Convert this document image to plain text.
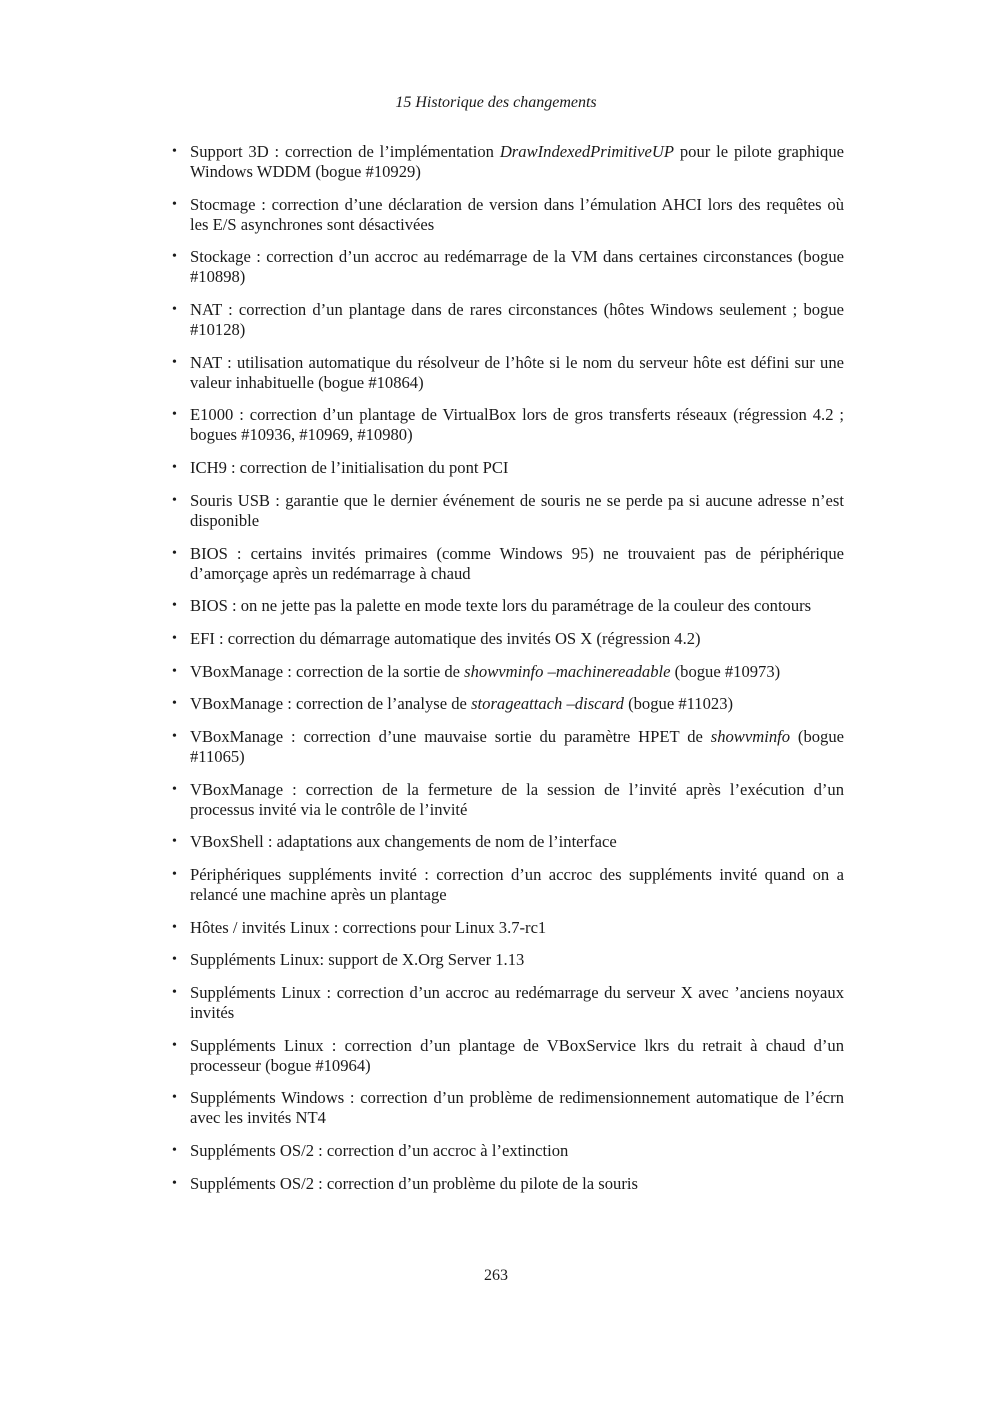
15 Historique des changements
• Support 3D : correction de l’implémentation DrawIndexedPrimitiveUP pour le pilote graphique Windows WDDM (bogue #10929)
• Stocmage : correction d’une déclaration de version dans l’émulation AHCI lors des requêtes où les E/S asynchrones sont désactivées
• Stockage : correction d’un accroc au redémarrage de la VM dans certaines circonstances (bogue #10898)
• NAT : correction d’un plantage dans de rares circonstances (hôtes Windows seulement ; bogue #10128)
• NAT : utilisation automatique du résolveur de l’hôte si le nom du serveur hôte est défini sur une valeur inhabituelle (bogue #10864)
• E1000 : correction d’un plantage de VirtualBox lors de gros transferts réseaux (régression 4.2 ; bogues #10936, #10969, #10980)
• ICH9 : correction de l’initialisation du pont PCI
• Souris USB : garantie que le dernier événement de souris ne se perde pa si aucune adresse n’est disponible
• BIOS : certains invités primaires (comme Windows 95) ne trouvaient pas de périphérique d’amorçage après un redémarrage à chaud
• BIOS : on ne jette pas la palette en mode texte lors du paramétrage de la couleur des contours
• EFI : correction du démarrage automatique des invités OS X (régression 4.2)
• VBoxManage : correction de la sortie de showvminfo –machinereadable (bogue #10973)
• VBoxManage : correction de l’analyse de storageattach –discard (bogue #11023)
• VBoxManage : correction d’une mauvaise sortie du paramètre HPET de showvminfo (bogue #11065)
• VBoxManage : correction de la fermeture de la session de l’invité après l’exécution d’un processus invité via le contrôle de l’invité
• VBoxShell : adaptations aux changements de nom de l’interface
• Périphériques suppléments invité : correction d’un accroc des suppléments invité quand on a relancé une machine après un plantage
• Hôtes / invités Linux : corrections pour Linux 3.7-rc1
• Suppléments Linux: support de X.Org Server 1.13
• Suppléments Linux : correction d’un accroc au redémarrage du serveur X avec ’anciens noyaux invités
• Suppléments Linux : correction d’un plantage de VBoxService lkrs du retrait à chaud d’un processeur (bogue #10964)
• Suppléments Windows : correction d’un problème de redimensionnement automatique de l’écrn avec les invités NT4
• Suppléments OS/2 : correction d’un accroc à l’extinction
• Suppléments OS/2 : correction d’un problème du pilote de la souris
263
